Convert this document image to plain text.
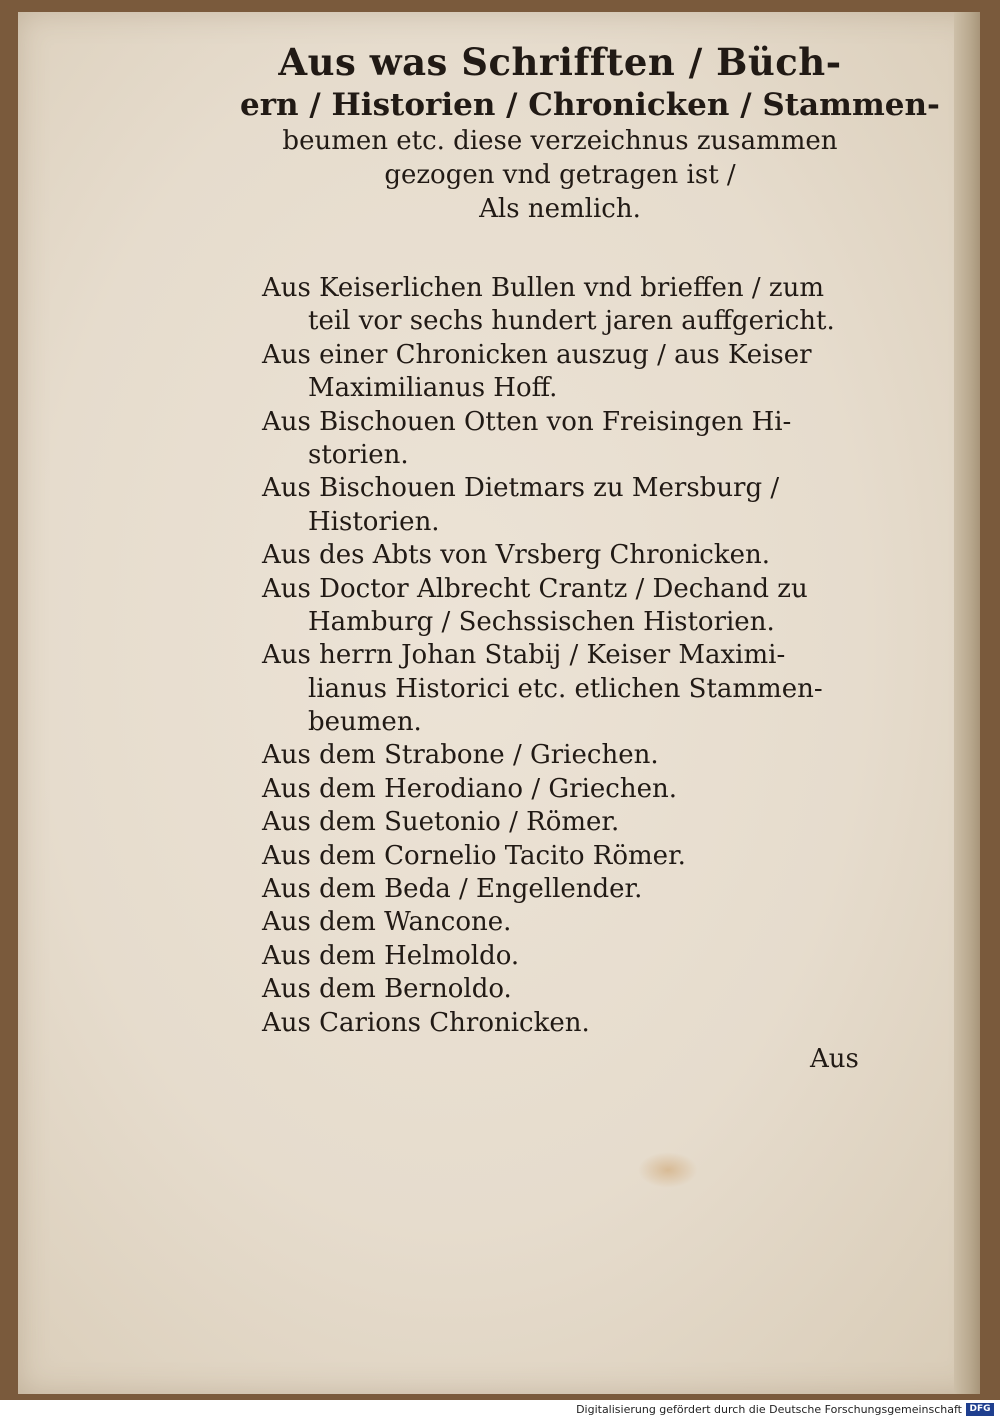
Aus was Schrifften / Büch-
ern / Historien / Chronicken / Stammen-
beumen etc. diese verzeichnus zusammen
gezogen vnd getragen ist /
Als nemlich.
Aus Keiserlichen Bullen vnd brieffen / zum
teil vor sechs hundert jaren auffgericht.
Aus einer Chronicken auszug / aus Keiser
Maximilianus Hoff.
Aus Bischouen Otten von Freisingen Hi-
storien.
Aus Bischouen Dietmars zu Mersburg /
Historien.
Aus des Abts von Vrsberg Chronicken.
Aus Doctor Albrecht Crantz / Dechand zu
Hamburg / Sechssischen Historien.
Aus herrn Johan Stabij / Keiser Maximi-
lianus Historici etc. etlichen Stammen-
beumen.
Aus dem Strabone / Griechen.
Aus dem Herodiano / Griechen.
Aus dem Suetonio / Römer.
Aus dem Cornelio Tacito Römer.
Aus dem Beda / Engellender.
Aus dem Wancone.
Aus dem Helmoldo.
Aus dem Bernoldo.
Aus Carions Chronicken.
Aus
Digitalisierung gefördert durch die Deutsche Forschungsgemeinschaft DFG
